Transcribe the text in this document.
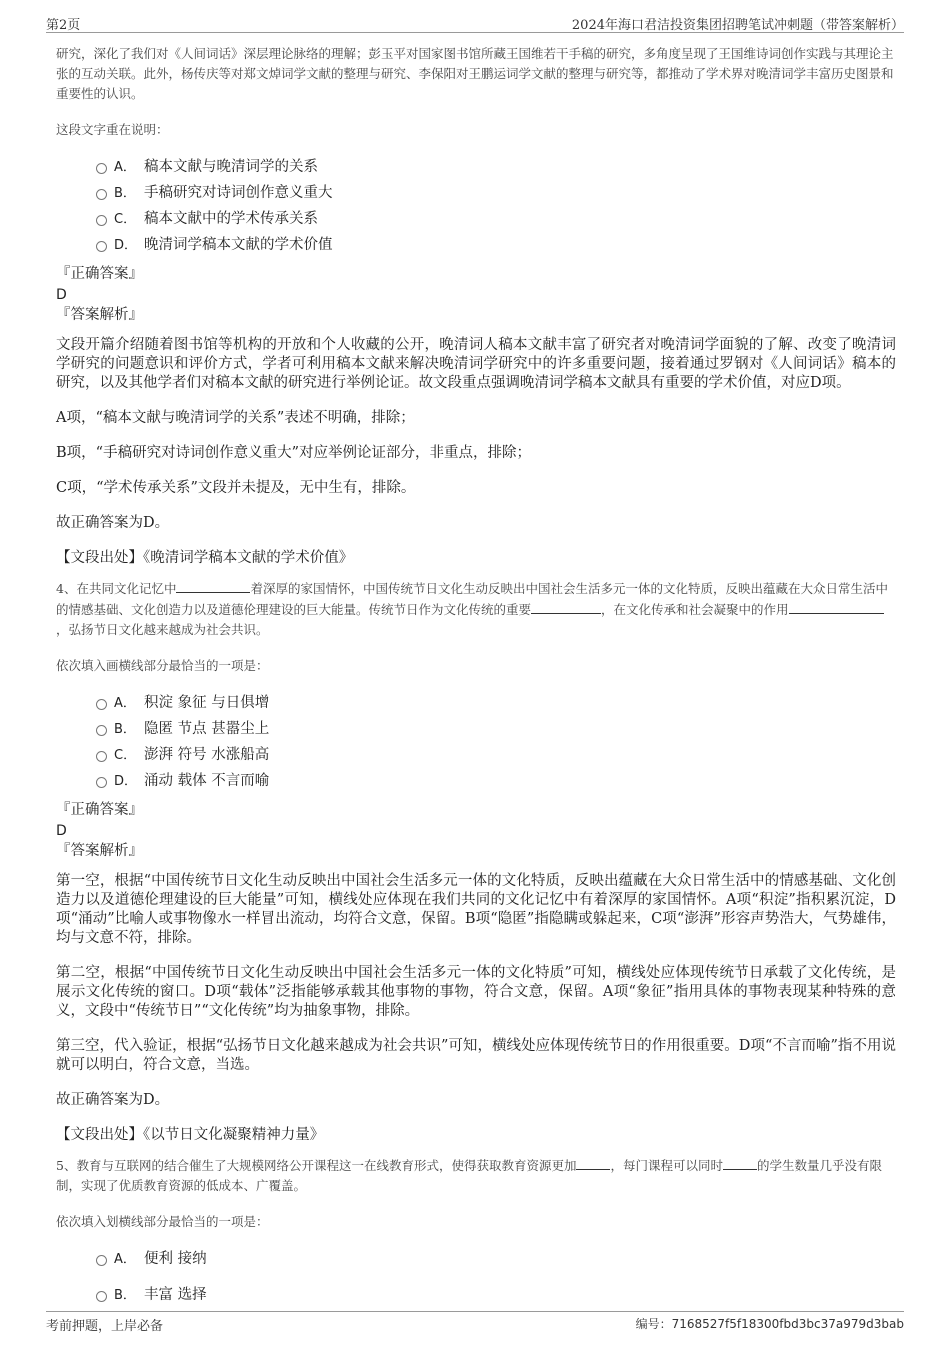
第2页	2024年海口君洁投资集团招聘笔试冲刺题（带答案解析）

研究，深化了我们对《人间词话》深层理论脉络的理解；彭玉平对国家图书馆所藏王国维若干手稿的研究，多角度呈现了王国维诗词创作实践与其理论主张的互动关联。此外，杨传庆等对郑文焯词学文献的整理与研究、李保阳对王鹏运词学文献的整理与研究等，都推动了学术界对晚清词学丰富历史图景和重要性的认识。

这段文字重在说明：

A． 稿本文献与晚清词学的关系
B． 手稿研究对诗词创作意义重大
C． 稿本文献中的学术传承关系
D． 晚清词学稿本文献的学术价值

『正确答案』

D

『答案解析』

文段开篇介绍随着图书馆等机构的开放和个人收藏的公开，晚清词人稿本文献丰富了研究者对晚清词学面貌的了解、改变了晚清词学研究的问题意识和评价方式，学者可利用稿本文献来解决晚清词学研究中的许多重要问题，接着通过罗钢对《人间词话》稿本的研究，以及其他学者们对稿本文献的研究进行举例论证。故文段重点强调晚清词学稿本文献具有重要的学术价值，对应D项。

A项，“稿本文献与晚清词学的关系”表述不明确，排除；

B项，“手稿研究对诗词创作意义重大”对应举例论证部分，非重点，排除；

C项，“学术传承关系”文段并未提及，无中生有，排除。

故正确答案为D。

【文段出处】《晚清词学稿本文献的学术价值》

4、在共同文化记忆中	着深厚的家国情怀，中国传统节日文化生动反映出中国社会生活多元一体的文化特质，反映出蕴藏在大众日常生活中的情感基础、文化创造力以及道德伦理建设的巨大能量。传统节日作为文化传统的重要	，在文化传承和社会凝聚中的作用，弘扬节日文化越来越成为社会共识。

依次填入画横线部分最恰当的一项是：

A． 积淀 象征 与日俱增
B． 隐匿 节点 甚嚣尘上
C． 澎湃 符号 水涨船高
D． 涌动 载体 不言而喻

『正确答案』

D

『答案解析』

第一空，根据“中国传统节日文化生动反映出中国社会生活多元一体的文化特质，反映出蕴藏在大众日常生活中的情感基础、文化创造力以及道德伦理建设的巨大能量”可知，横线处应体现在我们共同的文化记忆中有着深厚的家国情怀。A项“积淀”指积累沉淀，D项“涌动”比喻人或事物像水一样冒出流动，均符合文意，保留。B项“隐匿”指隐瞒或躲起来，C项“澎湃”形容声势浩大，气势雄伟，均与文意不符，排除。

第二空，根据“中国传统节日文化生动反映出中国社会生活多元一体的文化特质”可知，横线处应体现传统节日承载了文化传统，是展示文化传统的窗口。D项“载体”泛指能够承载其他事物的事物，符合文意，保留。A项“象征”指用具体的事物表现某种特殊的意义，文段中“传统节日”“文化传统”均为抽象事物，排除。

第三空，代入验证，根据“弘扬节日文化越来越成为社会共识”可知，横线处应体现传统节日的作用很重要。D项“不言而喻”指不用说就可以明白，符合文意，当选。

故正确答案为D。

【文段出处】《以节日文化凝聚精神力量》

5、教育与互联网的结合催生了大规模网络公开课程这一在线教育形式，使得获取教育资源更加	，每门课程可以同时	的学生数量几乎没有限制，实现了优质教育资源的低成本、广覆盖。

依次填入划横线部分最恰当的一项是：

A． 便利 接纳
B． 丰富 选择
考前押题，上岸必备	编号：7168527f5f18300fbd3bc37a979d3bab
